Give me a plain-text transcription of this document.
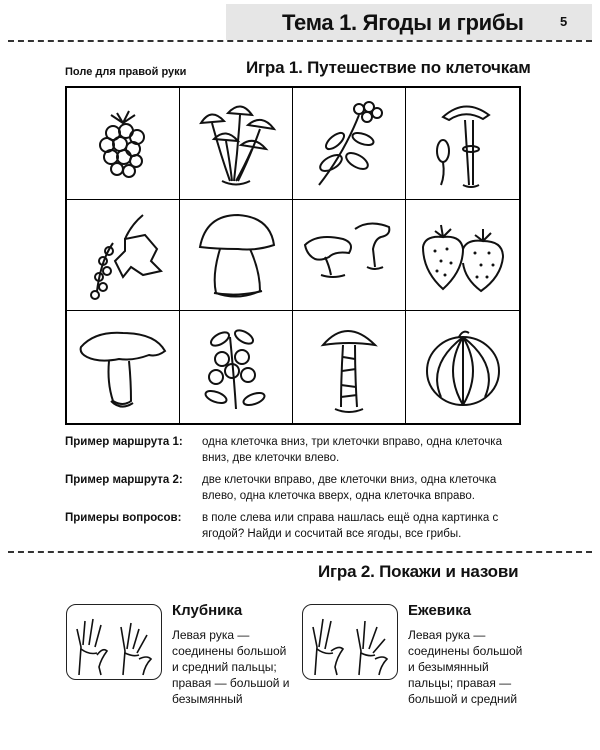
Тема 1. Ягоды и грибы	5
Поле для правой руки	Игра 1. Путешествие по клеточкам
Пример маршрута 1: одна клеточка вниз, три клеточки вправо, одна клеточка вниз, две клеточки влево.
Пример маршрута 2: две клеточки вправо, две клеточки вниз, одна клеточка влево, одна клеточка вверх, одна клеточка вправо.
Примеры вопросов: в поле слева или справа нашлась ещё одна картинка с ягодой? Найди и сосчитай все ягоды, все грибы.
Игра 2. Покажи и назови
Клубника
Левая рука — соединены большой и средний пальцы; правая — большой и безымянный
Ежевика
Левая рука — соединены большой и безымянный пальцы; правая — большой и средний
